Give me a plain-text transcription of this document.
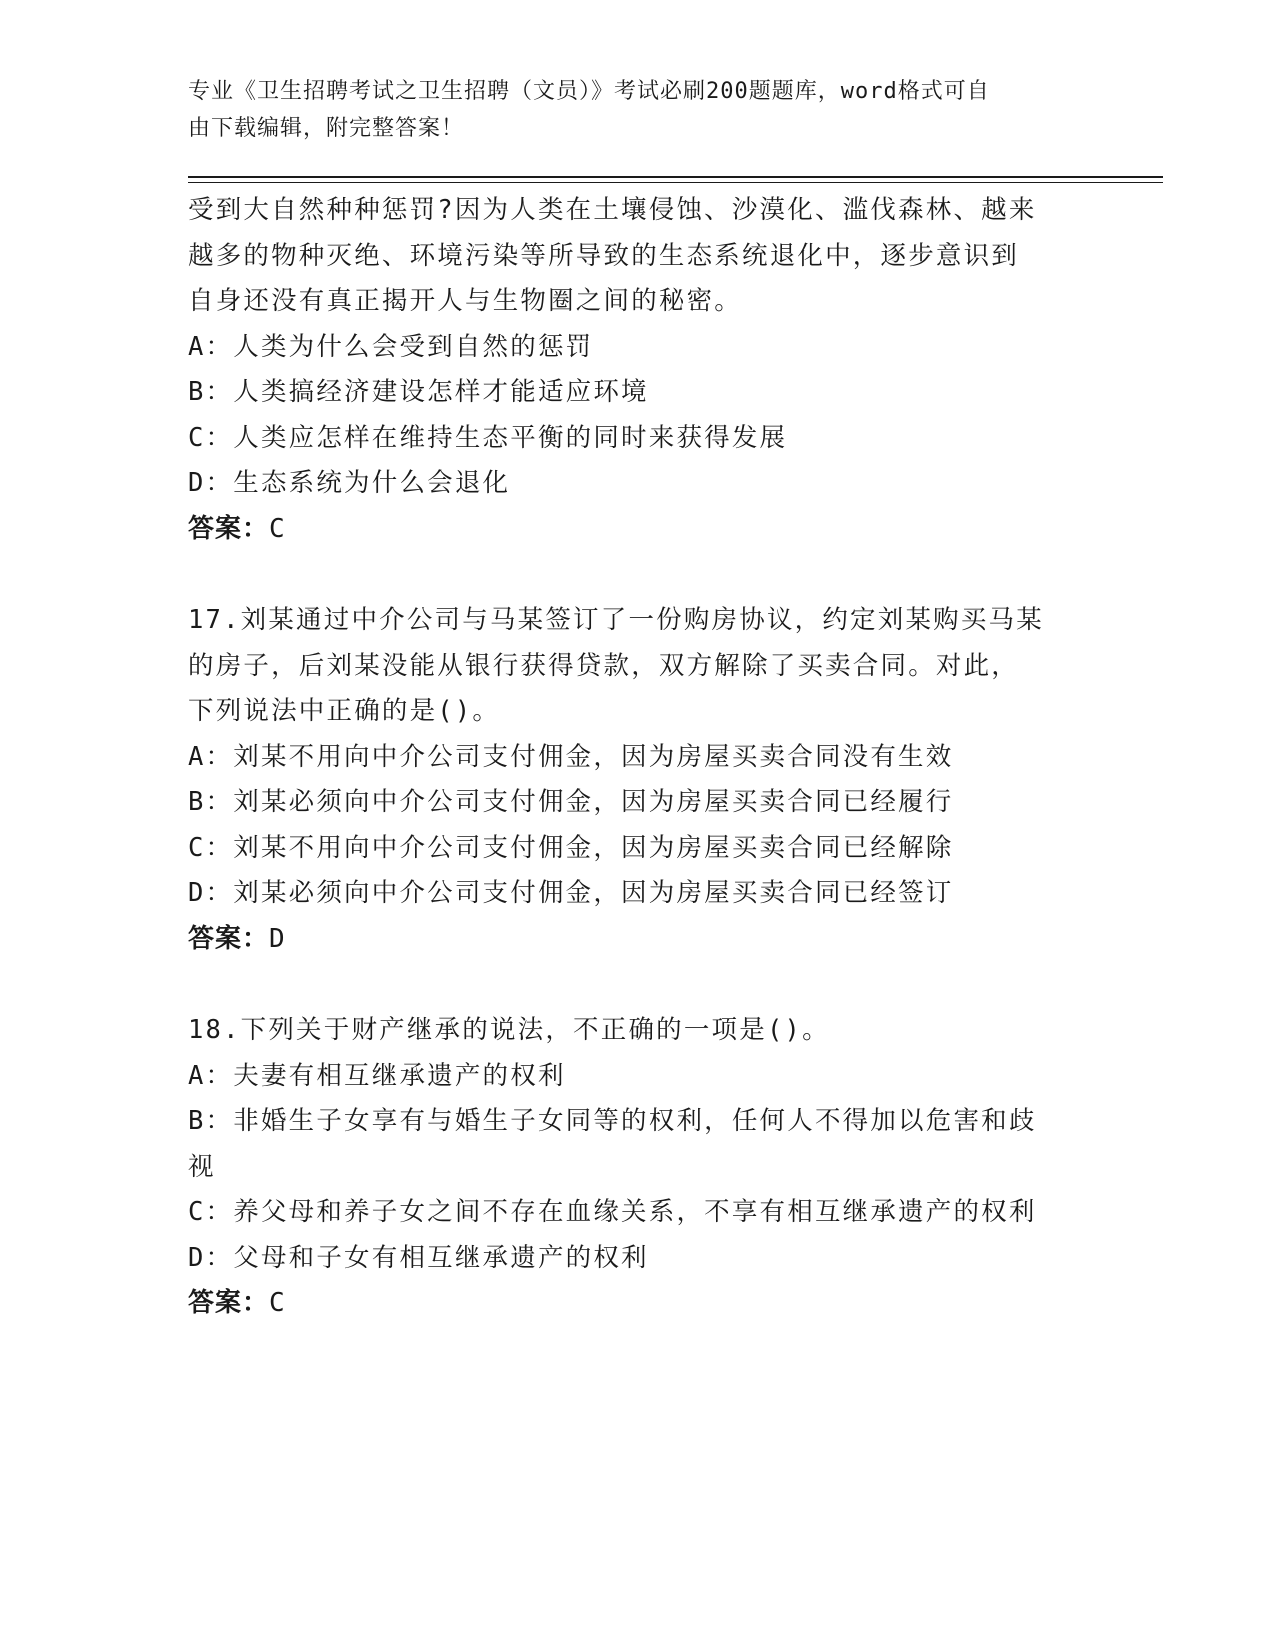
专业《卫生招聘考试之卫生招聘（文员）》考试必刷200题题库，word格式可自
由下载编辑，附完整答案！
受到大自然种种惩罚?因为人类在土壤侵蚀、沙漠化、滥伐森林、越来
越多的物种灭绝、环境污染等所导致的生态系统退化中，逐步意识到
自身还没有真正揭开人与生物圈之间的秘密。
A：人类为什么会受到自然的惩罚
B：人类搞经济建设怎样才能适应环境
C：人类应怎样在维持生态平衡的同时来获得发展
D：生态系统为什么会退化
答案：C
17.刘某通过中介公司与马某签订了一份购房协议，约定刘某购买马某
的房子，后刘某没能从银行获得贷款，双方解除了买卖合同。对此，
下列说法中正确的是()。
A：刘某不用向中介公司支付佣金，因为房屋买卖合同没有生效
B：刘某必须向中介公司支付佣金，因为房屋买卖合同已经履行
C：刘某不用向中介公司支付佣金，因为房屋买卖合同已经解除
D：刘某必须向中介公司支付佣金，因为房屋买卖合同已经签订
答案：D
18.下列关于财产继承的说法，不正确的一项是()。
A：夫妻有相互继承遗产的权利
B：非婚生子女享有与婚生子女同等的权利，任何人不得加以危害和歧
视
C：养父母和养子女之间不存在血缘关系，不享有相互继承遗产的权利
D：父母和子女有相互继承遗产的权利
答案：C
